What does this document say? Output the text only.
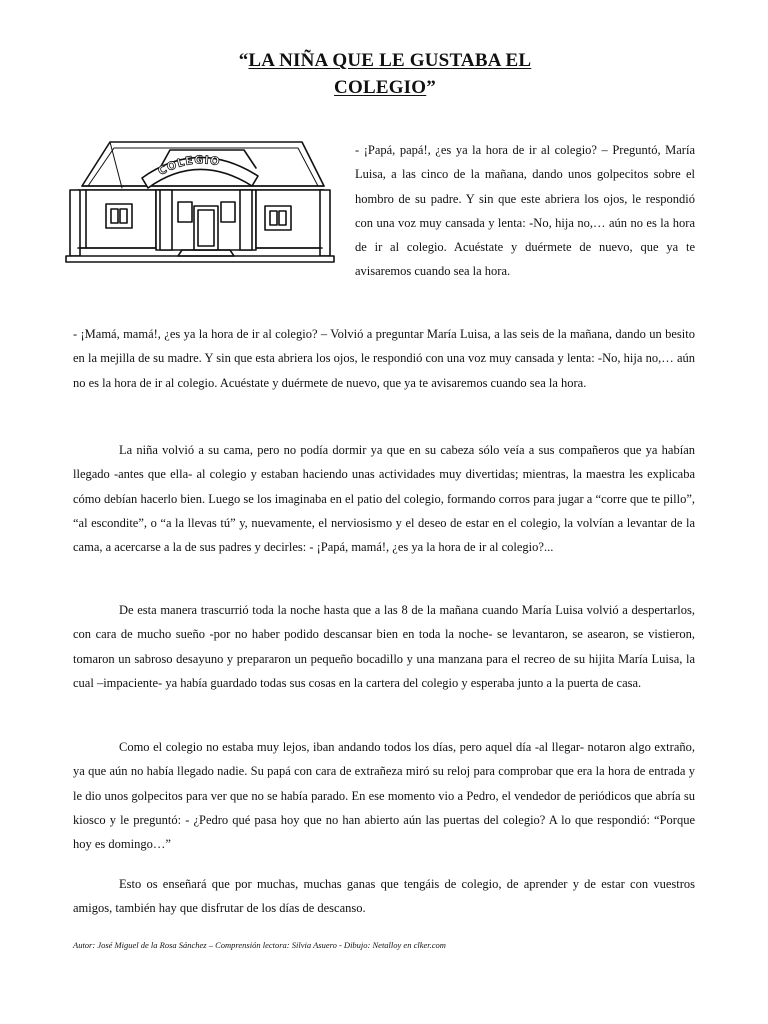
“LA NIÑA QUE LE GUSTABA EL
COLEGIO”
COLEGIO
- ¡Papá, papá!, ¿es ya la hora de ir al colegio? – Preguntó, María Luisa, a las cinco de la mañana, dando unos golpecitos sobre el hombro de su padre. Y sin que este abriera los ojos, le respondió con una voz muy cansada y lenta: -No, hija no,… aún no es la hora de ir al colegio. Acuéstate y duérmete de nuevo, que ya te avisaremos cuando sea la hora.

- ¡Mamá, mamá!, ¿es ya la hora de ir al colegio? – Volvió a preguntar María Luisa, a las seis de la mañana, dando un besito en la mejilla de su madre. Y sin que esta abriera los ojos, le respondió con una voz muy cansada y lenta: -No, hija no,… aún no es la hora de ir al colegio. Acuéstate y duérmete de nuevo, que ya te avisaremos cuando sea la hora.

La niña volvió a su cama, pero no podía dormir ya que en su cabeza sólo veía a sus compañeros que ya habían llegado -antes que ella- al colegio y estaban haciendo unas actividades muy divertidas; mientras, la maestra les explicaba cómo debían hacerlo bien. Luego se los imaginaba en el patio del colegio, formando corros para jugar a “corre que te pillo”, “al escondite”, o “a la llevas tú” y, nuevamente, el nerviosismo y el deseo de estar en el colegio, la volvían a levantar de la cama, a acercarse a la de sus padres y decirles: - ¡Papá, mamá!, ¿es ya la hora de ir al colegio?...

De esta manera trascurrió toda la noche hasta que a las 8 de la mañana cuando María Luisa volvió a despertarlos, con cara de mucho sueño -por no haber podido descansar bien en toda la noche- se levantaron, se asearon, se vistieron, tomaron un sabroso desayuno y prepararon un pequeño bocadillo y una manzana para el recreo de su hijita María Luisa, la cual –impaciente- ya había guardado todas sus cosas en la cartera del colegio y esperaba junto a la puerta de casa.

Como el colegio no estaba muy lejos, iban andando todos los días, pero aquel día -al llegar- notaron algo extraño, ya que aún no había llegado nadie. Su papá con cara de extrañeza miró su reloj para comprobar que era la hora de entrada y le dio unos golpecitos para ver que no se había parado. En ese momento vio a Pedro, el vendedor de periódicos que abría su kiosco y le preguntó: - ¿Pedro qué pasa hoy que no han abierto aún las puertas del colegio? A lo que respondió: “Porque hoy es domingo…”

Esto os enseñará que por muchas, muchas ganas que tengáis de colegio, de aprender y de estar con vuestros amigos, también hay que disfrutar de los días de descanso.

Autor: José Miguel de la Rosa Sánchez – Comprensión lectora: Silvia Asuero - Dibujo: Netalloy en clker.com
